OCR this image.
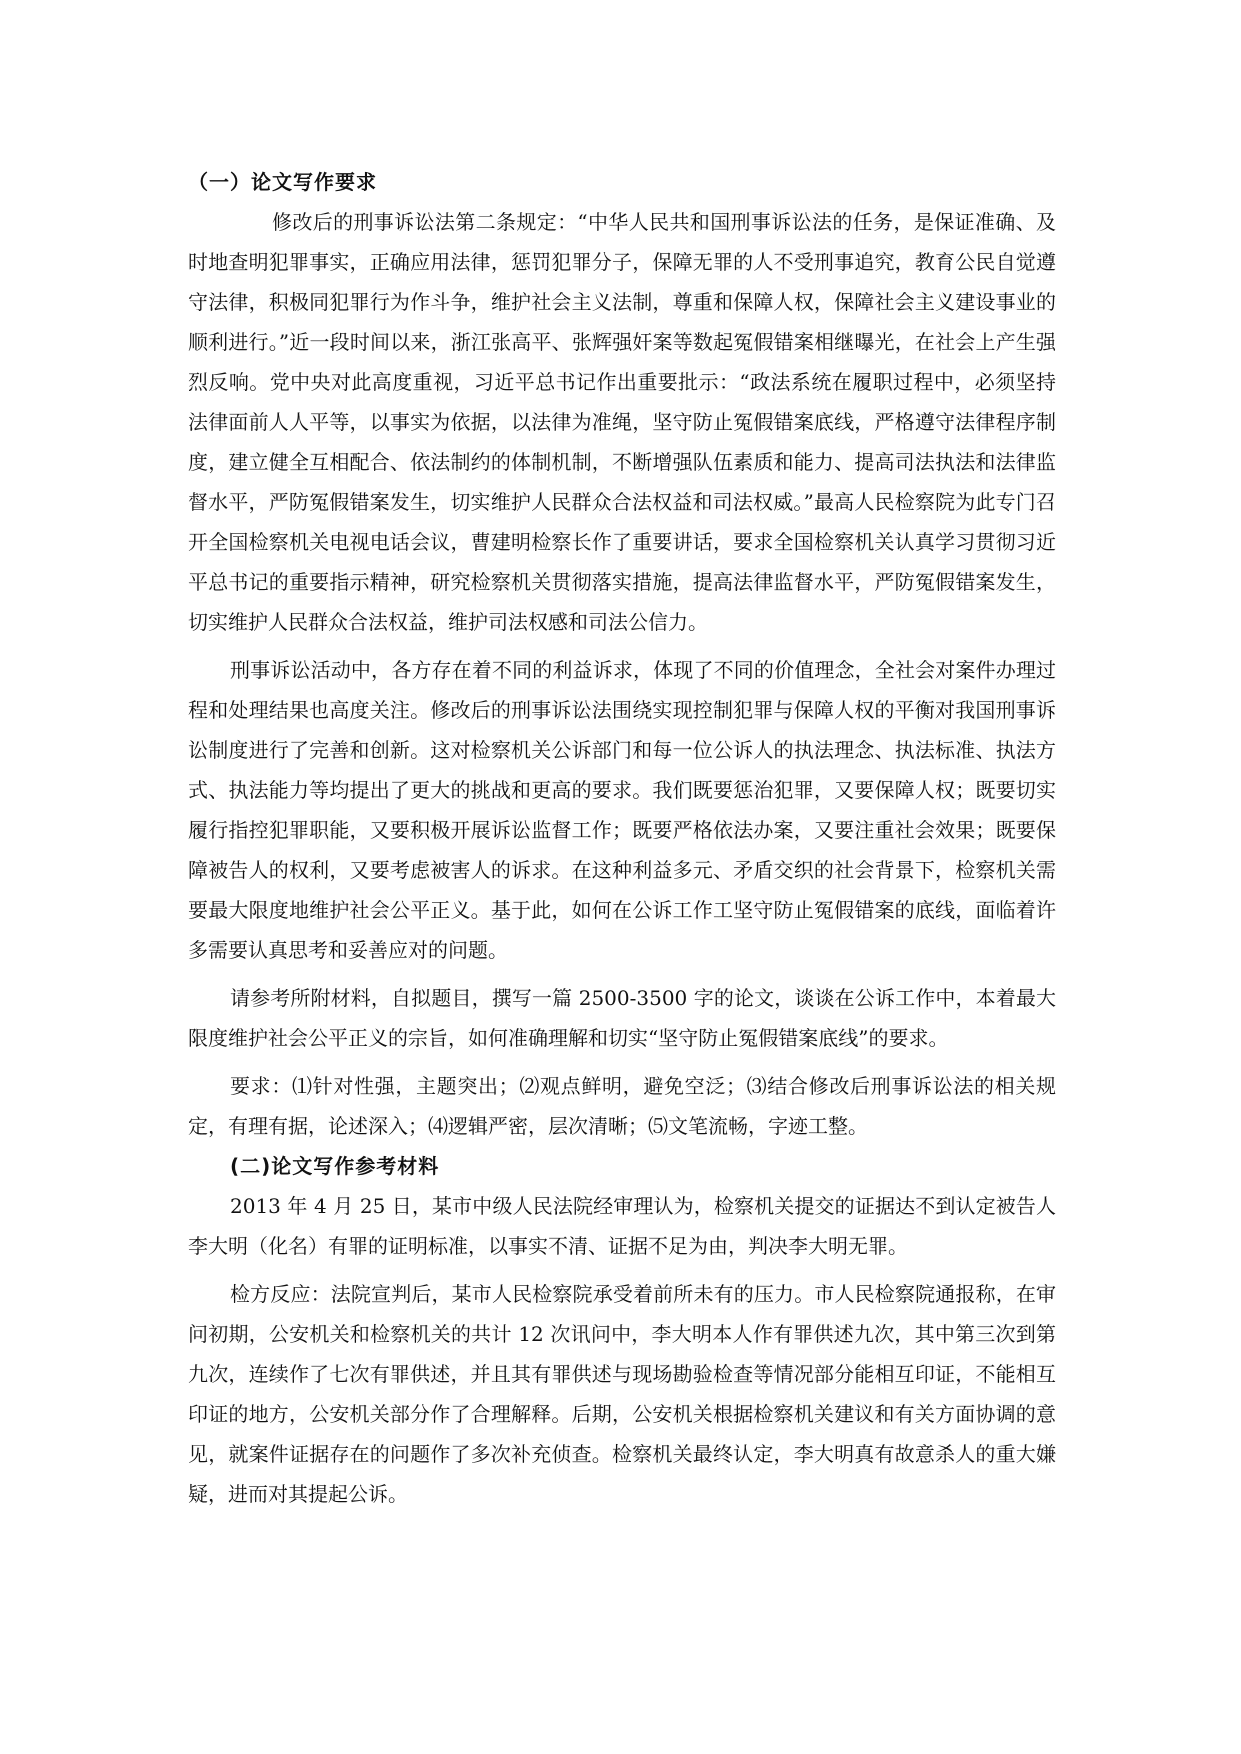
（一）论文写作要求

修改后的刑事诉讼法第二条规定：“中华人民共和国刑事诉讼法的任务，是保证准确、及时地查明犯罪事实，正确应用法律，惩罚犯罪分子，保障无罪的人不受刑事追究，教育公民自觉遵守法律，积极同犯罪行为作斗争，维护社会主义法制，尊重和保障人权，保障社会主义建设事业的顺利进行。”近一段时间以来，浙江张高平、张辉强奸案等数起冤假错案相继曝光，在社会上产生强烈反响。党中央对此高度重视，习近平总书记作出重要批示：“政法系统在履职过程中，必须坚持法律面前人人平等，以事实为依据，以法律为准绳，坚守防止冤假错案底线，严格遵守法律程序制度，建立健全互相配合、依法制约的体制机制，不断增强队伍素质和能力、提高司法执法和法律监督水平，严防冤假错案发生，切实维护人民群众合法权益和司法权威。”最高人民检察院为此专门召开全国检察机关电视电话会议，曹建明检察长作了重要讲话，要求全国检察机关认真学习贯彻习近平总书记的重要指示精神，研究检察机关贯彻落实措施，提高法律监督水平，严防冤假错案发生，切实维护人民群众合法权益，维护司法权感和司法公信力。

刑事诉讼活动中，各方存在着不同的利益诉求，体现了不同的价值理念，全社会对案件办理过程和处理结果也高度关注。修改后的刑事诉讼法围绕实现控制犯罪与保障人权的平衡对我国刑事诉讼制度进行了完善和创新。这对检察机关公诉部门和每一位公诉人的执法理念、执法标准、执法方式、执法能力等均提出了更大的挑战和更高的要求。我们既要惩治犯罪，又要保障人权；既要切实履行指控犯罪职能，又要积极开展诉讼监督工作；既要严格依法办案，又要注重社会效果；既要保障被告人的权利，又要考虑被害人的诉求。在这种利益多元、矛盾交织的社会背景下，检察机关需要最大限度地维护社会公平正义。基于此，如何在公诉工作工坚守防止冤假错案的底线，面临着许多需要认真思考和妥善应对的问题。

请参考所附材料，自拟题目，撰写一篇 2500-3500 字的论文，谈谈在公诉工作中，本着最大限度维护社会公平正义的宗旨，如何准确理解和切实“坚守防止冤假错案底线”的要求。

要求：⑴针对性强，主题突出；⑵观点鲜明，避免空泛；⑶结合修改后刑事诉讼法的相关规定，有理有据，论述深入；⑷逻辑严密，层次清晰；⑸文笔流畅，字迹工整。

(二)论文写作参考材料

2013 年 4 月 25 日，某市中级人民法院经审理认为，检察机关提交的证据达不到认定被告人李大明（化名）有罪的证明标准，以事实不清、证据不足为由，判决李大明无罪。

检方反应：法院宣判后，某市人民检察院承受着前所未有的压力。市人民检察院通报称，在审问初期，公安机关和检察机关的共计 12 次讯问中，李大明本人作有罪供述九次，其中第三次到第九次，连续作了七次有罪供述，并且其有罪供述与现场勘验检查等情况部分能相互印证，不能相互印证的地方，公安机关部分作了合理解释。后期，公安机关根据检察机关建议和有关方面协调的意见，就案件证据存在的问题作了多次补充侦查。检察机关最终认定，李大明真有故意杀人的重大嫌疑，进而对其提起公诉。
